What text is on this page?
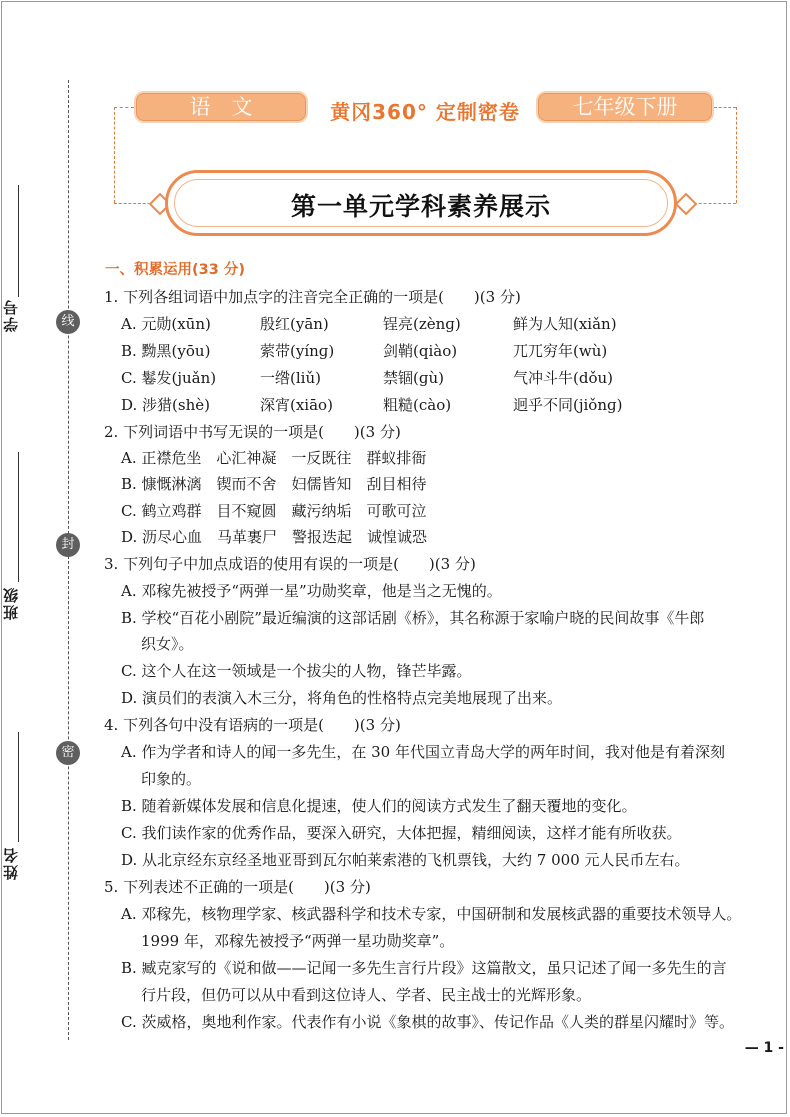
线
封
密
学号
班级
姓名
语　文	黄冈360° 定制密卷	七年级下册
第一单元学科素养展示
一、积累运用(33 分)
1. 下列各组词语中加点字的注音完全正确的一项是(　　)(3 分)
A. 元勋(xūn)	殷红(yān)	锃亮(zènɡ)	鲜为人知(xiǎn)
B. 黝黑(yōu)	萦带(yínɡ)	剑鞘(qiào)	兀兀穷年(wù)
C. 鬈发(juǎn)	一绺(liǔ)	禁锢(ɡù)	气冲斗牛(dǒu)
D. 涉猎(shè)	深宵(xiāo)	粗糙(cào)	迥乎不同(jiǒnɡ)
2. 下列词语中书写无误的一项是(　　)(3 分)
A. 正襟危坐　心汇神凝　一反既往　群蚁排衙
B. 慷慨淋漓　锲而不舍　妇儒皆知　刮目相待
C. 鹤立鸡群　目不窥圆　藏污纳垢　可歌可泣
D. 沥尽心血　马革裹尸　警报迭起　诚惶诚恐
3. 下列句子中加点成语的使用有误的一项是(　　)(3 分)
A. 邓稼先被授予“两弹一星”功勋奖章，他是当之无愧的。
B. 学校“百花小剧院”最近编演的这部话剧《桥》，其名称源于家喻户晓的民间故事《牛郎
织女》。
C. 这个人在这一领域是一个拔尖的人物，锋芒毕露。
D. 演员们的表演入木三分，将角色的性格特点完美地展现了出来。
4. 下列各句中没有语病的一项是(　　)(3 分)
A. 作为学者和诗人的闻一多先生，在 30 年代国立青岛大学的两年时间，我对他是有着深刻
印象的。
B. 随着新媒体发展和信息化提速，使人们的阅读方式发生了翻天覆地的变化。
C. 我们读作家的优秀作品，要深入研究，大体把握，精细阅读，这样才能有所收获。
D. 从北京经东京经圣地亚哥到瓦尔帕莱索港的飞机票钱，大约 7 000 元人民币左右。
5. 下列表述不正确的一项是(　　)(3 分)
A. 邓稼先，核物理学家、核武器科学和技术专家，中国研制和发展核武器的重要技术领导人。
1999 年，邓稼先被授予“两弹一星功勋奖章”。
B. 臧克家写的《说和做——记闻一多先生言行片段》这篇散文，虽只记述了闻一多先生的言
行片段，但仍可以从中看到这位诗人、学者、民主战士的光辉形象。
C. 茨威格，奥地利作家。代表作有小说《象棋的故事》、传记作品《人类的群星闪耀时》等。
— 1 -
